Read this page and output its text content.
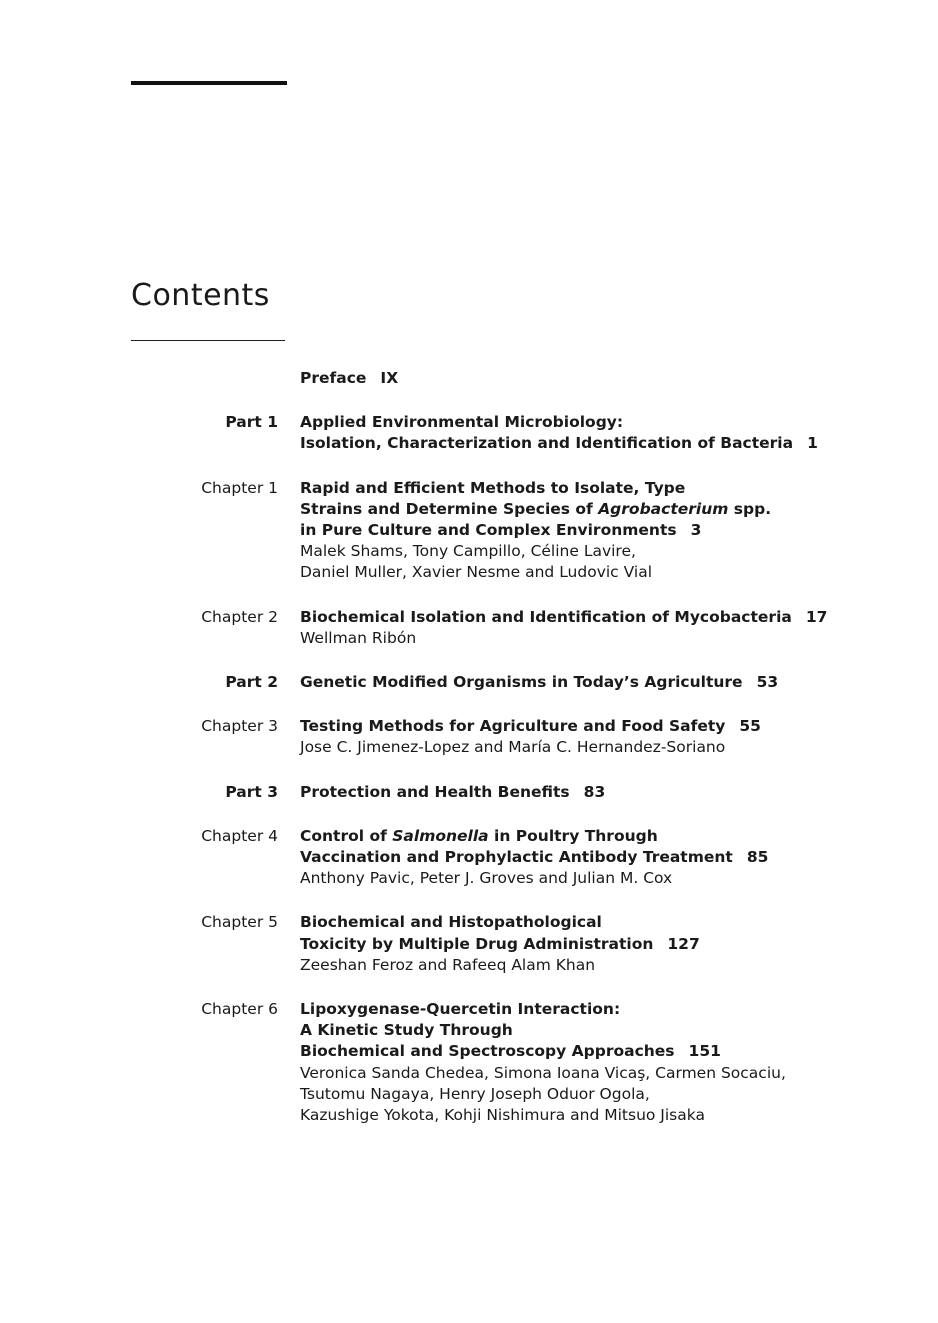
Contents
Preface IX
Part 1 Applied Environmental Microbiology:
Isolation, Characterization and Identification of Bacteria 1
Chapter 1 Rapid and Efficient Methods to Isolate, Type
Strains and Determine Species of Agrobacterium spp.
in Pure Culture and Complex Environments 3
Malek Shams, Tony Campillo, Céline Lavire,
Daniel Muller, Xavier Nesme and Ludovic Vial
Chapter 2 Biochemical Isolation and Identification of Mycobacteria 17
Wellman Ribón
Part 2 Genetic Modified Organisms in Today’s Agriculture 53
Chapter 3 Testing Methods for Agriculture and Food Safety 55
Jose C. Jimenez-Lopez and María C. Hernandez-Soriano
Part 3 Protection and Health Benefits 83
Chapter 4 Control of Salmonella in Poultry Through
Vaccination and Prophylactic Antibody Treatment 85
Anthony Pavic, Peter J. Groves and Julian M. Cox
Chapter 5 Biochemical and Histopathological
Toxicity by Multiple Drug Administration 127
Zeeshan Feroz and Rafeeq Alam Khan
Chapter 6 Lipoxygenase-Quercetin Interaction:
A Kinetic Study Through
Biochemical and Spectroscopy Approaches 151
Veronica Sanda Chedea, Simona Ioana Vicaş, Carmen Socaciu,
Tsutomu Nagaya, Henry Joseph Oduor Ogola,
Kazushige Yokota, Kohji Nishimura and Mitsuo Jisaka
